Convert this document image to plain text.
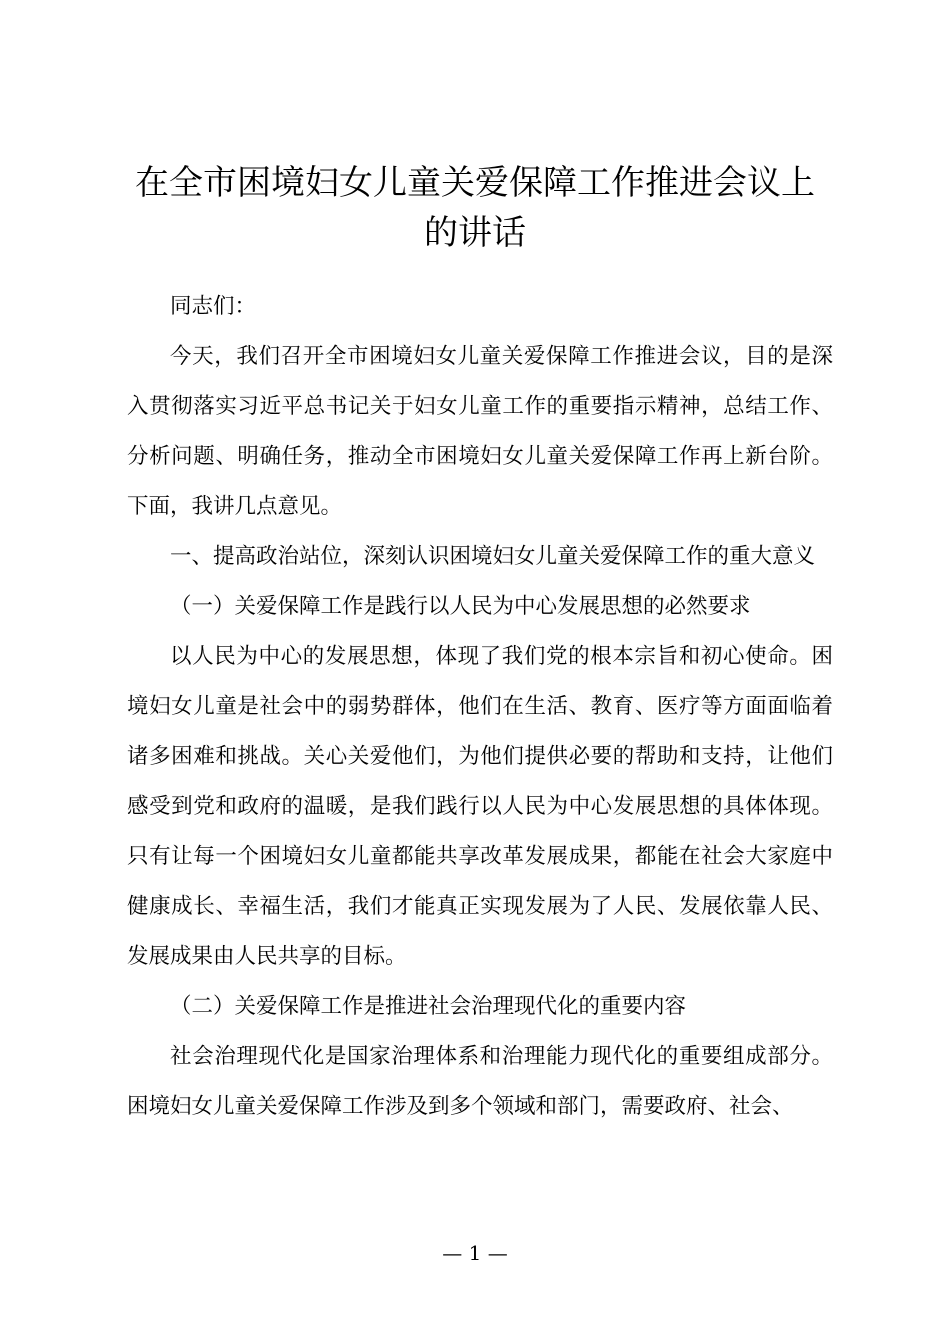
在全市困境妇女儿童关爱保障工作推进会议上的讲话

同志们：

今天，我们召开全市困境妇女儿童关爱保障工作推进会议，目的是深入贯彻落实习近平总书记关于妇女儿童工作的重要指示精神，总结工作、分析问题、明确任务，推动全市困境妇女儿童关爱保障工作再上新台阶。下面，我讲几点意见。

一、提高政治站位，深刻认识困境妇女儿童关爱保障工作的重大意义

（一）关爱保障工作是践行以人民为中心发展思想的必然要求

以人民为中心的发展思想，体现了我们党的根本宗旨和初心使命。困境妇女儿童是社会中的弱势群体，他们在生活、教育、医疗等方面面临着诸多困难和挑战。关心关爱他们，为他们提供必要的帮助和支持，让他们感受到党和政府的温暖，是我们践行以人民为中心发展思想的具体体现。只有让每一个困境妇女儿童都能共享改革发展成果，都能在社会大家庭中健康成长、幸福生活，我们才能真正实现发展为了人民、发展依靠人民、发展成果由人民共享的目标。

（二）关爱保障工作是推进社会治理现代化的重要内容

社会治理现代化是国家治理体系和治理能力现代化的重要组成部分。困境妇女儿童关爱保障工作涉及到多个领域和部门，需要政府、社会、

— 1 —
